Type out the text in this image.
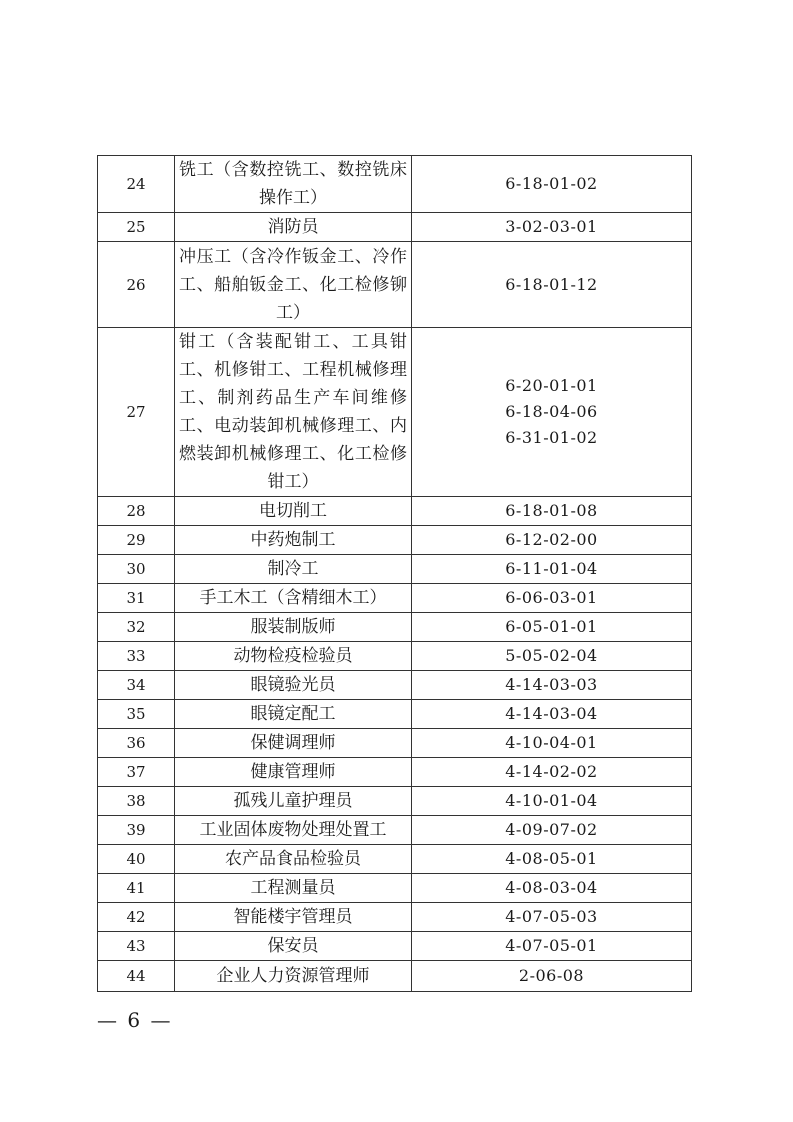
24	铣工（含数控铣工、数控铣床操作工）	6-18-01-02

25	消防员	3-02-03-01

26	冲压工（含冷作钣金工、冷作工、船舶钣金工、化工检修铆工）	6-18-01-12

27	钳工（含装配钳工、工具钳工、机修钳工、工程机械修理工、制剂药品生产车间维修工、电动装卸机械修理工、内燃装卸机械修理工、化工检修钳工）	6-20-01-01
6-18-04-06
6-31-01-02

28	电切削工	6-18-01-08

29	中药炮制工	6-12-02-00

30	制冷工	6-11-01-04

31	手工木工（含精细木工）	6-06-03-01

32	服装制版师	6-05-01-01

33	动物检疫检验员	5-05-02-04

34	眼镜验光员	4-14-03-03

35	眼镜定配工	4-14-03-04

36	保健调理师	4-10-04-01

37	健康管理师	4-14-02-02

38	孤残儿童护理员	4-10-01-04

39	工业固体废物处理处置工	4-09-07-02

40	农产品食品检验员	4-08-05-01

41	工程测量员	4-08-03-04

42	智能楼宇管理员	4-07-05-03

43	保安员	4-07-05-01

44	企业人力资源管理师	2-06-08
— 6 —
